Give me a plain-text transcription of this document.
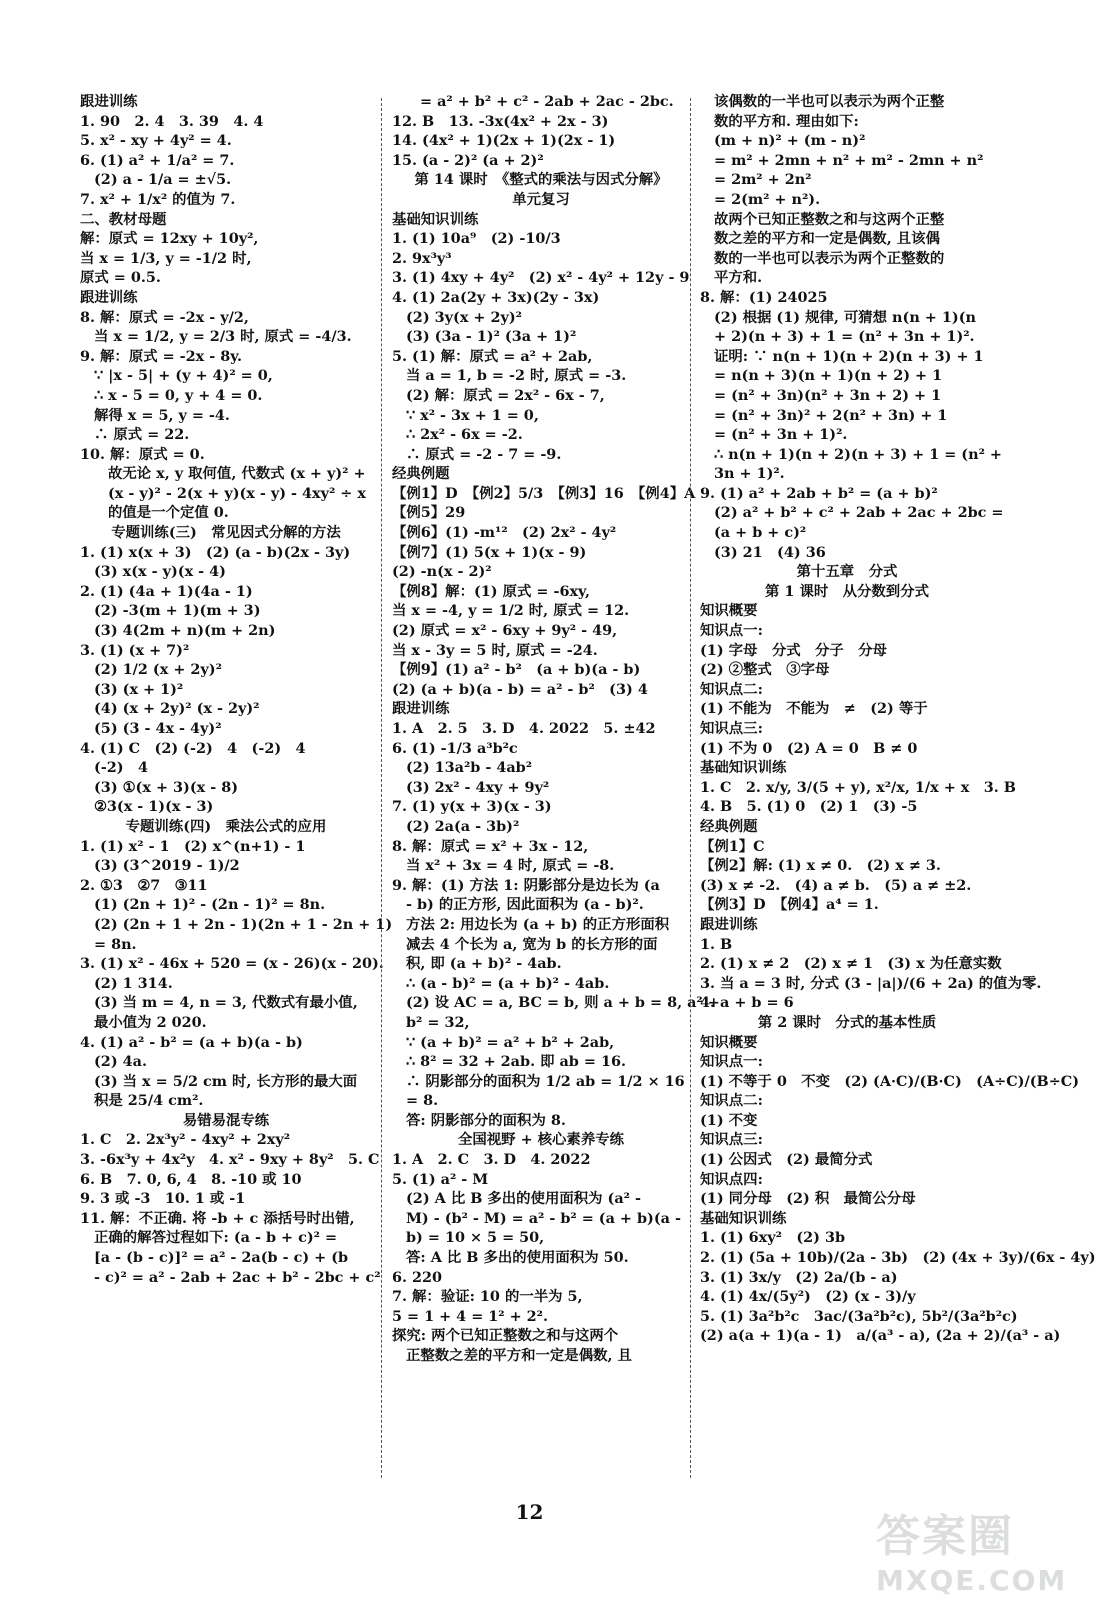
跟进训练
1. 90　2. 4　3. 39　4. 4
5. x² - xy + 4y² = 4.
6. (1) a² + 1/a² = 7.
(2) a - 1/a = ±√5.
7. x² + 1/x² 的值为 7.
二、教材母题
解：原式 = 12xy + 10y²,
当 x = 1/3, y = -1/2 时,
原式 = 0.5.
跟进训练
8. 解：原式 = -2x - y/2,
当 x = 1/2, y = 2/3 时, 原式 = -4/3.
9. 解：原式 = -2x - 8y.
∵ |x - 5| + (y + 4)² = 0,
∴ x - 5 = 0, y + 4 = 0.
解得 x = 5, y = -4.
∴ 原式 = 22.
10. 解：原式 = 0.
故无论 x, y 取何值, 代数式 (x + y)² +
(x - y)² - 2(x + y)(x - y) - 4xy² ÷ x
的值是一个定值 0.
专题训练(三)　常见因式分解的方法
1. (1) x(x + 3)　(2) (a - b)(2x - 3y)
(3) x(x - y)(x - 4)
2. (1) (4a + 1)(4a - 1)
(2) -3(m + 1)(m + 3)
(3) 4(2m + n)(m + 2n)
3. (1) (x + 7)²
(2) 1/2 (x + 2y)²
(3) (x + 1)²
(4) (x + 2y)² (x - 2y)²
(5) (3 - 4x - 4y)²
4. (1) C　(2) (-2)　4　(-2)　4
(-2)　4
(3) ①(x + 3)(x - 8)
②3(x - 1)(x - 3)
专题训练(四)　乘法公式的应用
1. (1) x² - 1　(2) x^(n+1) - 1
(3) (3^2019 - 1)/2
2. ①3　②7　③11
(1) (2n + 1)² - (2n - 1)² = 8n.
(2) (2n + 1 + 2n - 1)(2n + 1 - 2n + 1)
= 8n.
3. (1) x² - 46x + 520 = (x - 26)(x - 20).
(2) 1 314.
(3) 当 m = 4, n = 3, 代数式有最小值,
最小值为 2 020.
4. (1) a² - b² = (a + b)(a - b)
(2) 4a.
(3) 当 x = 5/2 cm 时, 长方形的最大面
积是 25/4 cm².
易错易混专练
1. C　2. 2x³y² - 4xy² + 2xy²
3. -6x³y + 4x²y　4. x² - 9xy + 8y²　5. C
6. B　7. 0, 6, 4　8. -10 或 10
9. 3 或 -3　10. 1 或 -1
11. 解：不正确. 将 -b + c 添括号时出错,
正确的解答过程如下: (a - b + c)² =
[a - (b - c)]² = a² - 2a(b - c) + (b
- c)² = a² - 2ab + 2ac + b² - 2bc + c²
= a² + b² + c² - 2ab + 2ac - 2bc.
12. B　13. -3x(4x² + 2x - 3)
14. (4x² + 1)(2x + 1)(2x - 1)
15. (a - 2)² (a + 2)²
第 14 课时　《整式的乘法与因式分解》
单元复习
基础知识训练
1. (1) 10a⁹　(2) -10/3
2. 9x³y³
3. (1) 4xy + 4y²　(2) x² - 4y² + 12y - 9
4. (1) 2a(2y + 3x)(2y - 3x)
(2) 3y(x + 2y)²
(3) (3a - 1)² (3a + 1)²
5. (1) 解：原式 = a² + 2ab,
当 a = 1, b = -2 时, 原式 = -3.
(2) 解：原式 = 2x² - 6x - 7,
∵ x² - 3x + 1 = 0,
∴ 2x² - 6x = -2.
∴ 原式 = -2 - 7 = -9.
经典例题
【例1】D　【例2】5/3　【例3】16　【例4】A
【例5】29
【例6】(1) -m¹²　(2) 2x² - 4y²
【例7】(1) 5(x + 1)(x - 9)
(2) -n(x - 2)²
【例8】解：(1) 原式 = -6xy,
当 x = -4, y = 1/2 时, 原式 = 12.
(2) 原式 = x² - 6xy + 9y² - 49,
当 x - 3y = 5 时, 原式 = -24.
【例9】(1) a² - b²　(a + b)(a - b)
(2) (a + b)(a - b) = a² - b²　(3) 4
跟进训练
1. A　2. 5　3. D　4. 2022　5. ±42
6. (1) -1/3 a³b²c
(2) 13a²b - 4ab²
(3) 2x² - 4xy + 9y²
7. (1) y(x + 3)(x - 3)
(2) 2a(a - 3b)²
8. 解：原式 = x² + 3x - 12,
当 x² + 3x = 4 时, 原式 = -8.
9. 解：(1) 方法 1: 阴影部分是边长为 (a
- b) 的正方形, 因此面积为 (a - b)².
方法 2: 用边长为 (a + b) 的正方形面积
减去 4 个长为 a, 宽为 b 的长方形的面
积, 即 (a + b)² - 4ab.
∴ (a - b)² = (a + b)² - 4ab.
(2) 设 AC = a, BC = b, 则 a + b = 8, a² +
b² = 32,
∵ (a + b)² = a² + b² + 2ab,
∴ 8² = 32 + 2ab. 即 ab = 16.
∴ 阴影部分的面积为 1/2 ab = 1/2 × 16
= 8.
答: 阴影部分的面积为 8.
全国视野 + 核心素养专练
1. A　2. C　3. D　4. 2022
5. (1) a² - M
(2) A 比 B 多出的使用面积为 (a² -
M) - (b² - M) = a² - b² = (a + b)(a -
b) = 10 × 5 = 50,
答: A 比 B 多出的使用面积为 50.
6. 220
7. 解：验证: 10 的一半为 5,
5 = 1 + 4 = 1² + 2².
探究: 两个已知正整数之和与这两个
正整数之差的平方和一定是偶数, 且
该偶数的一半也可以表示为两个正整
数的平方和. 理由如下:
(m + n)² + (m - n)²
= m² + 2mn + n² + m² - 2mn + n²
= 2m² + 2n²
= 2(m² + n²).
故两个已知正整数之和与这两个正整
数之差的平方和一定是偶数, 且该偶
数的一半也可以表示为两个正整数的
平方和.
8. 解：(1) 24025
(2) 根据 (1) 规律, 可猜想 n(n + 1)(n
+ 2)(n + 3) + 1 = (n² + 3n + 1)².
证明: ∵ n(n + 1)(n + 2)(n + 3) + 1
= n(n + 3)(n + 1)(n + 2) + 1
= (n² + 3n)(n² + 3n + 2) + 1
= (n² + 3n)² + 2(n² + 3n) + 1
= (n² + 3n + 1)².
∴ n(n + 1)(n + 2)(n + 3) + 1 = (n² +
3n + 1)².
9. (1) a² + 2ab + b² = (a + b)²
(2) a² + b² + c² + 2ab + 2ac + 2bc =
(a + b + c)²
(3) 21　(4) 36
第十五章　分式
第 1 课时　从分数到分式
知识概要
知识点一:
(1) 字母　分式　分子　分母
(2) ②整式　③字母
知识点二:
(1) 不能为　不能为　≠　(2) 等于
知识点三:
(1) 不为 0　(2) A = 0　B ≠ 0
基础知识训练
1. C　2. x/y, 3/(5 + y), x²/x, 1/x + x　3. B
4. B　5. (1) 0　(2) 1　(3) -5
经典例题
【例1】C
【例2】解: (1) x ≠ 0.　(2) x ≠ 3.
(3) x ≠ -2.　(4) a ≠ b.　(5) a ≠ ±2.
【例3】D　【例4】a⁴ = 1.
跟进训练
1. B
2. (1) x ≠ 2　(2) x ≠ 1　(3) x 为任意实数
3. 当 a = 3 时, 分式 (3 - |a|)/(6 + 2a) 的值为零.
4. a + b = 6
第 2 课时　分式的基本性质
知识概要
知识点一:
(1) 不等于 0　不变　(2) (A·C)/(B·C)　(A÷C)/(B÷C)
知识点二:
(1) 不变
知识点三:
(1) 公因式　(2) 最简分式
知识点四:
(1) 同分母　(2) 积　最简公分母
基础知识训练
1. (1) 6xy²　(2) 3b
2. (1) (5a + 10b)/(2a - 3b)　(2) (4x + 3y)/(6x - 4y)
3. (1) 3x/y　(2) 2a/(b - a)
4. (1) 4x/(5y²)　(2) (x - 3)/y
5. (1) 3a²b²c　3ac/(3a²b²c), 5b²/(3a²b²c)
(2) a(a + 1)(a - 1)　a/(a³ - a), (2a + 2)/(a³ - a)
12	答案圈
MXQE.COM
